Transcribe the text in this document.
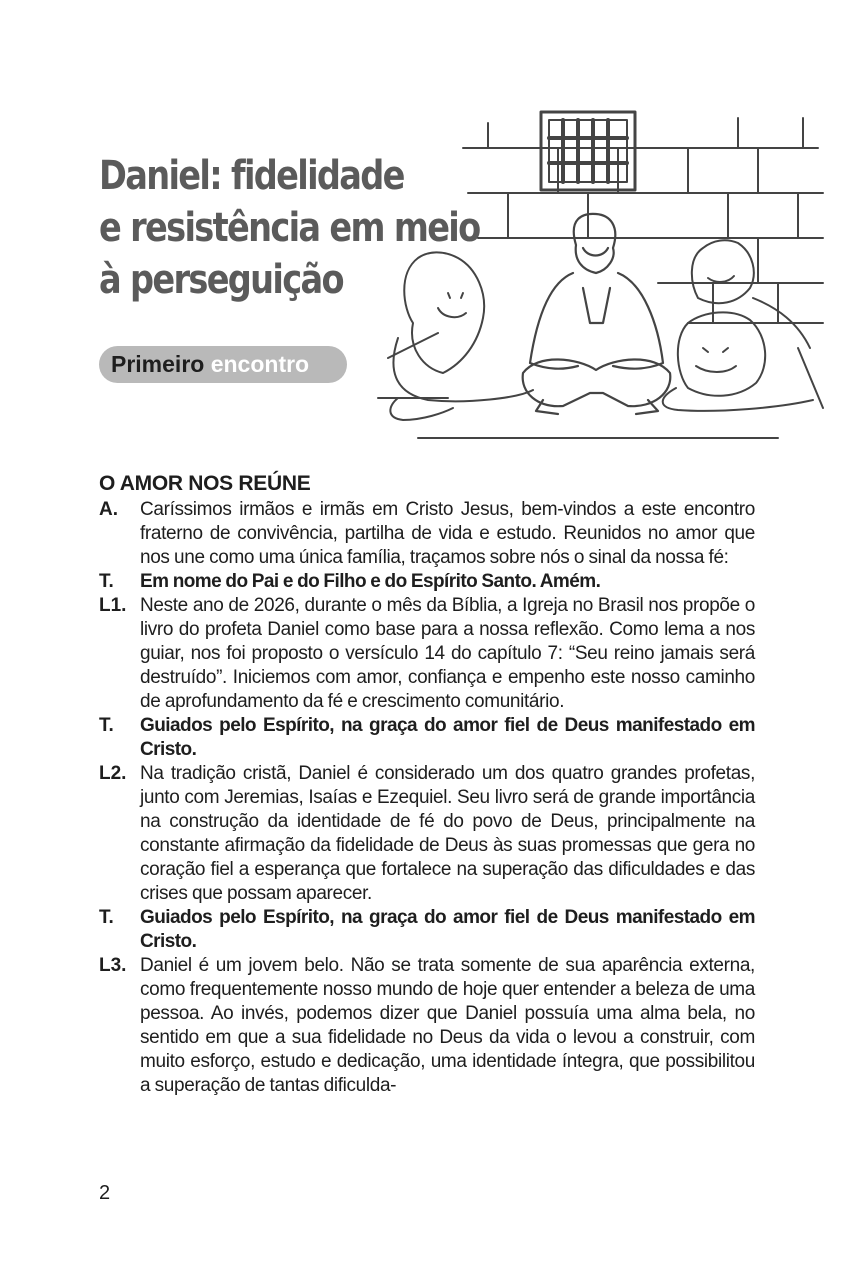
Daniel: fidelidade
e resistência em meio
à perseguição
Primeiro encontro
O AMOR NOS REÚNE
A. Caríssimos irmãos e irmãs em Cristo Jesus, bem-vindos a este encontro fraterno de convivência, partilha de vida e estudo. Reunidos no amor que nos une como uma única família, traçamos sobre nós o sinal da nossa fé:
T. Em nome do Pai e do Filho e do Espírito Santo. Amém.
L1. Neste ano de 2026, durante o mês da Bíblia, a Igreja no Brasil nos propõe o livro do profeta Daniel como base para a nossa reflexão. Como lema a nos guiar, nos foi proposto o versículo 14 do capítulo 7: “Seu reino jamais será destruído”. Iniciemos com amor, confiança e empenho este nosso caminho de aprofundamento da fé e crescimento comunitário.
T. Guiados pelo Espírito, na graça do amor fiel de Deus manifestado em Cristo.
L2. Na tradição cristã, Daniel é considerado um dos quatro grandes profetas, junto com Jeremias, Isaías e Ezequiel. Seu livro será de grande importância na construção da identidade de fé do povo de Deus, principalmente na constante afirmação da fidelidade de Deus às suas promessas que gera no coração fiel a esperança que fortalece na superação das dificuldades e das crises que possam aparecer.
T. Guiados pelo Espírito, na graça do amor fiel de Deus manifestado em Cristo.
L3. Daniel é um jovem belo. Não se trata somente de sua aparência externa, como frequentemente nosso mundo de hoje quer entender a beleza de uma pessoa. Ao invés, podemos dizer que Daniel possuía uma alma bela, no sentido em que a sua fidelidade no Deus da vida o levou a construir, com muito esforço, estudo e dedicação, uma identidade íntegra, que possibilitou a superação de tantas dificulda-
2
